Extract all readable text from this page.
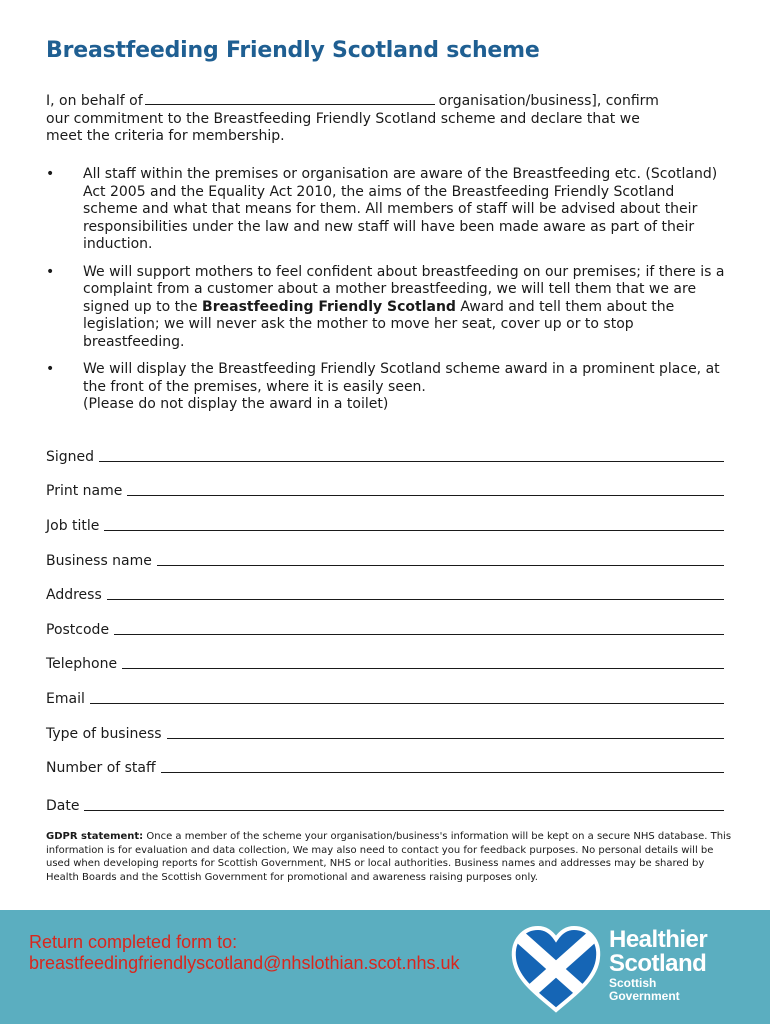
Breastfeeding Friendly Scotland scheme

I, on behalf of	organisation/business], confirm
our commitment to the Breastfeeding Friendly Scotland scheme and declare that we
meet the criteria for membership.

• All staff within the premises or organisation are aware of the Breastfeeding etc. (Scotland) Act 2005 and the Equality Act 2010, the aims of the Breastfeeding Friendly Scotland scheme and what that means for them. All members of staff will be advised about their responsibilities under the law and new staff will have been made aware as part of their induction.
• We will support mothers to feel confident about breastfeeding on our premises; if there is a complaint from a customer about a mother breastfeeding, we will tell them that we are signed up to the Breastfeeding Friendly Scotland Award and tell them about the legislation; we will never ask the mother to move her seat, cover up or to stop breastfeeding.
• We will display the Breastfeeding Friendly Scotland scheme award in a prominent place, at the front of the premises, where it is easily seen.
(Please do not display the award in a toilet)
Signed
Print name
Job title
Business name
Address
Postcode
Telephone
Email
Type of business
Number of staff
Date

GDPR statement: Once a member of the scheme your organisation/business's information will be kept on a secure NHS database. This information is for evaluation and data collection, We may also need to contact you for feedback purposes. No personal details will be used when developing reports for Scottish Government, NHS or local authorities. Business names and addresses may be shared by Health Boards and the Scottish Government for promotional and awareness raising purposes only.

Return completed form to:
breastfeedingfriendlyscotland@nhslothian.scot.nhs.uk
Healthier
Scotland
Scottish
Government
